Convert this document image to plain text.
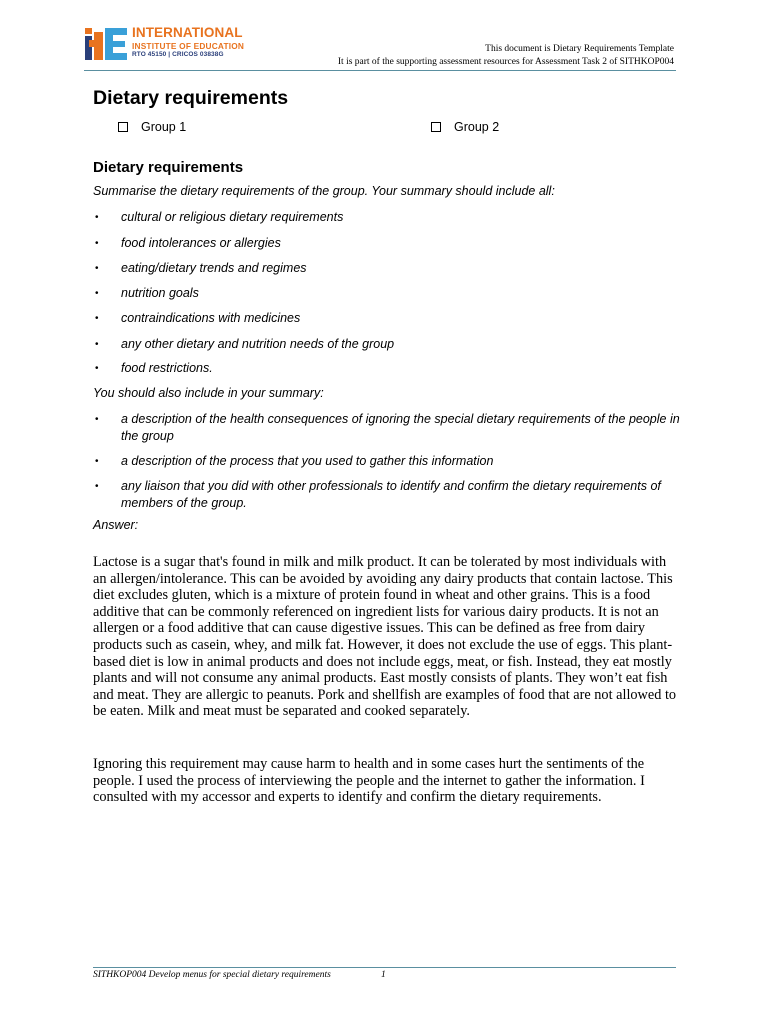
INTERNATIONAL
INSTITUTE OF EDUCATION
RTO 45150 | CRICOS 03838G
This document is Dietary Requirements Template
It is part of the supporting assessment resources for Assessment Task 2 of SITHKOP004
Dietary requirements
Group 1	Group 2
Dietary requirements
Summarise the dietary requirements of the group. Your summary should include all:
•	cultural or religious dietary requirements
•	food intolerances or allergies
•	eating/dietary trends and regimes
•	nutrition goals
•	contraindications with medicines
•	any other dietary and nutrition needs of the group
•	food restrictions.
You should also include in your summary:
•	a description of the health consequences of ignoring the special dietary requirements of the people in the group
•	a description of the process that you used to gather this information
•	any liaison that you did with other professionals to identify and confirm the dietary requirements of members of the group.
Answer:
Lactose is a sugar that's found in milk and milk product. It can be tolerated by most individuals with an allergen/intolerance. This can be avoided by avoiding any dairy products that contain lactose. This diet excludes gluten, which is a mixture of protein found in wheat and other grains. This is a food additive that can be commonly referenced on ingredient lists for various dairy products. It is not an allergen or a food additive that can cause digestive issues. This can be defined as free from dairy products such as casein, whey, and milk fat. However, it does not exclude the use of eggs. This plant-based diet is low in animal products and does not include eggs, meat, or fish. Instead, they eat mostly plants and will not consume any animal products. East mostly consists of plants. They won’t eat fish and meat. They are allergic to peanuts. Pork and shellfish are examples of food that are not allowed to be eaten. Milk and meat must be separated and cooked separately.
Ignoring this requirement may cause harm to health and in some cases hurt the sentiments of the people. I used the process of interviewing the people and the internet to gather the information. I consulted with my accessor and experts to identify and confirm the dietary requirements.
SITHKOP004 Develop menus for special dietary requirements	1
